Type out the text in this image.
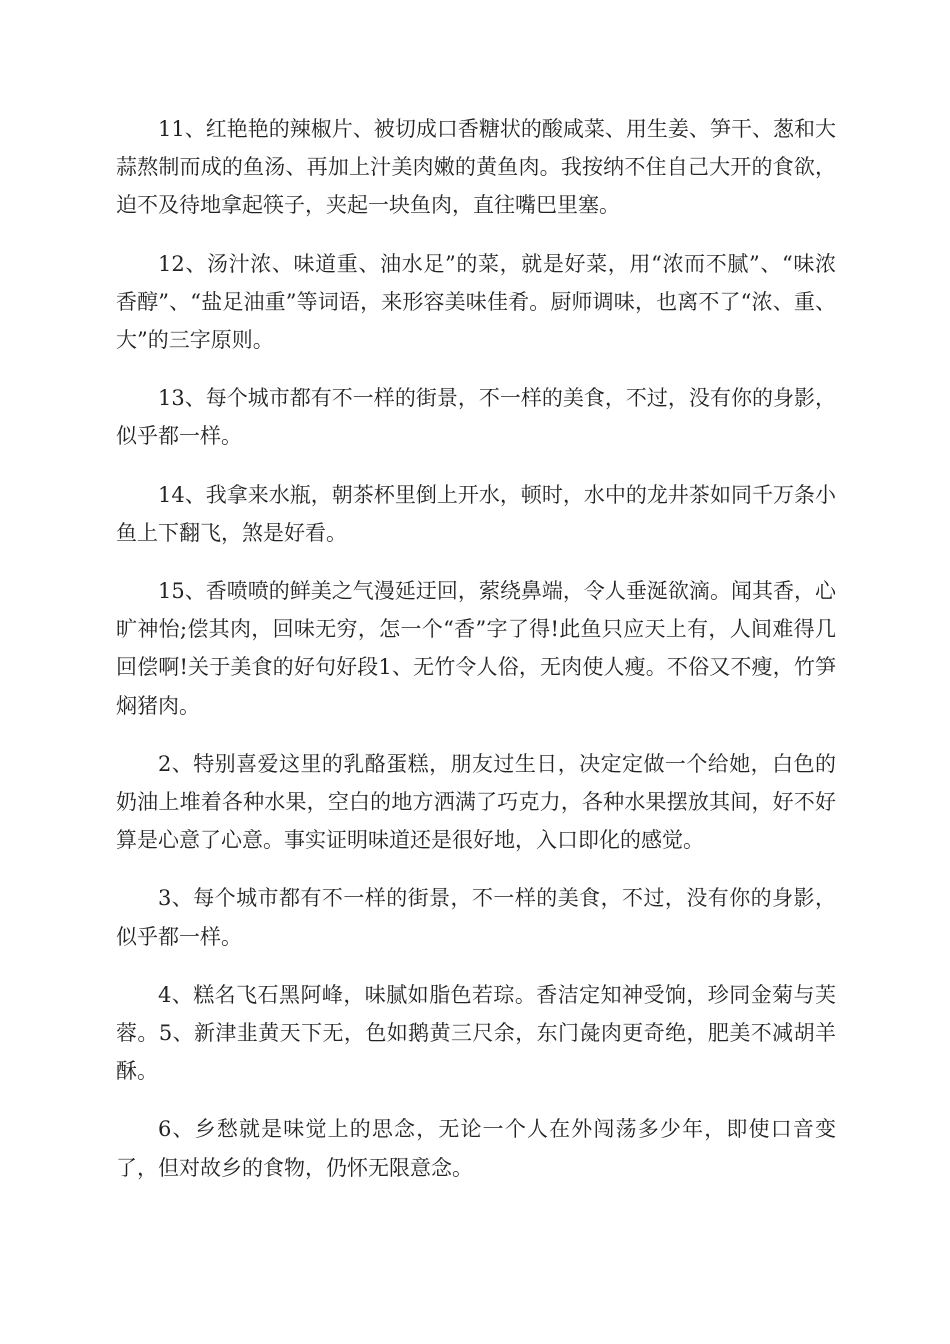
11、红艳艳的辣椒片、被切成口香糖状的酸咸菜、用生姜、笋干、葱和大蒜熬制而成的鱼汤、再加上汁美肉嫩的黄鱼肉。我按纳不住自己大开的食欲，迫不及待地拿起筷子，夹起一块鱼肉，直往嘴巴里塞。

12、汤汁浓、味道重、油水足”的菜，就是好菜，用“浓而不腻”、“味浓香醇”、“盐足油重”等词语，来形容美味佳肴。厨师调味，也离不了“浓、重、大”的三字原则。

13、每个城市都有不一样的街景，不一样的美食，不过，没有你的身影，似乎都一样。

14、我拿来水瓶，朝茶杯里倒上开水，顿时，水中的龙井茶如同千万条小鱼上下翻飞，煞是好看。

15、香喷喷的鲜美之气漫延迂回，萦绕鼻端，令人垂涎欲滴。闻其香，心旷神怡;偿其肉，回味无穷，怎一个“香”字了得!此鱼只应天上有，人间难得几回偿啊!关于美食的好句好段1、无竹令人俗，无肉使人瘦。不俗又不瘦，竹笋焖猪肉。

2、特别喜爱这里的乳酪蛋糕，朋友过生日，决定定做一个给她，白色的奶油上堆着各种水果，空白的地方洒满了巧克力，各种水果摆放其间，好不好算是心意了心意。事实证明味道还是很好地，入口即化的感觉。

3、每个城市都有不一样的街景，不一样的美食，不过，没有你的身影，似乎都一样。

4、糕名飞石黑阿峰，味腻如脂色若琮。香洁定知神受饷，珍同金菊与芙蓉。5、新津韭黄天下无，色如鹅黄三尺余，东门彘肉更奇绝，肥美不减胡羊酥。

6、乡愁就是味觉上的思念，无论一个人在外闯荡多少年，即使口音变了，但对故乡的食物，仍怀无限意念。
